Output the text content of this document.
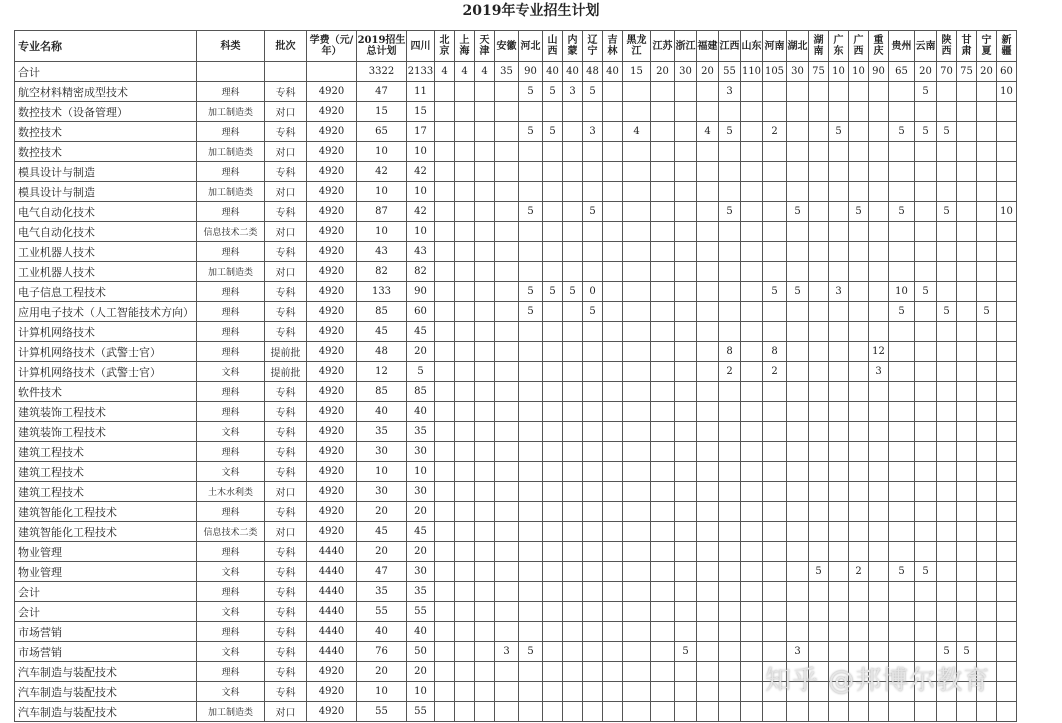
2019年专业招生计划
专业名称	科类	批次	学费（元/年）	2019招生总计划	四川	北京	上海	天津	安徽	河北	山西	内蒙	辽宁	吉林	黑龙江	江苏	浙江	福建	江西	山东	河南	湖北	湖南	广东	广西	重庆	贵州	云南	陕西	甘肃	宁夏	新疆
合计				3322	2133	4	4	4	35	90	40	40	48	40	15	20	30	20	55	110	105	30	75	10	10	90	65	20	70	75	20	60
航空材料精密成型技术	理科	专科	4920	47	11					5	5	3	5						3									5				10
数控技术（设备管理）	加工制造类	对口	4920	15	15																											
数控技术	理科	专科	4920	65	17					5	5		3		4			4	5		2			5			5	5	5			
数控技术	加工制造类	对口	4920	10	10																											
模具设计与制造	理科	专科	4920	42	42																											
模具设计与制造	加工制造类	对口	4920	10	10																											
电气自动化技术	理科	专科	4920	87	42					5			5						5			5			5		5		5			10
电气自动化技术	信息技术二类	对口	4920	10	10																											
工业机器人技术	理科	专科	4920	43	43																											
工业机器人技术	加工制造类	对口	4920	82	82																											
电子信息工程技术	理科	专科	4920	133	90					5	5	5	0								5	5		3			10	5				
应用电子技术（人工智能技术方向）	理科	专科	4920	85	60					5			5														5		5		5	
计算机网络技术	理科	专科	4920	45	45																											
计算机网络技术（武警士官）	理科	提前批	4920	48	20														8		8					12						
计算机网络技术（武警士官）	文科	提前批	4920	12	5														2		2					3						
软件技术	理科	专科	4920	85	85																											
建筑装饰工程技术	理科	专科	4920	40	40																											
建筑装饰工程技术	文科	专科	4920	35	35																											
建筑工程技术	理科	专科	4920	30	30																											
建筑工程技术	文科	专科	4920	10	10																											
建筑工程技术	土木水利类	对口	4920	30	30																											
建筑智能化工程技术	理科	专科	4920	20	20																											
建筑智能化工程技术	信息技术二类	对口	4920	45	45																											
物业管理	理科	专科	4440	20	20																											
物业管理	文科	专科	4440	47	30																		5		2		5	5				
会计	理科	专科	4440	35	35																											
会计	文科	专科	4440	55	55																											
市场营销	理科	专科	4440	40	40																											
市场营销	文科	专科	4440	76	50				3	5							5					3							5	5		
汽车制造与装配技术	理科	专科	4920	20	20																											
汽车制造与装配技术	文科	专科	4920	10	10																											
汽车制造与装配技术	加工制造类	对口	4920	55	55																											
知乎 @邦博尔教育
